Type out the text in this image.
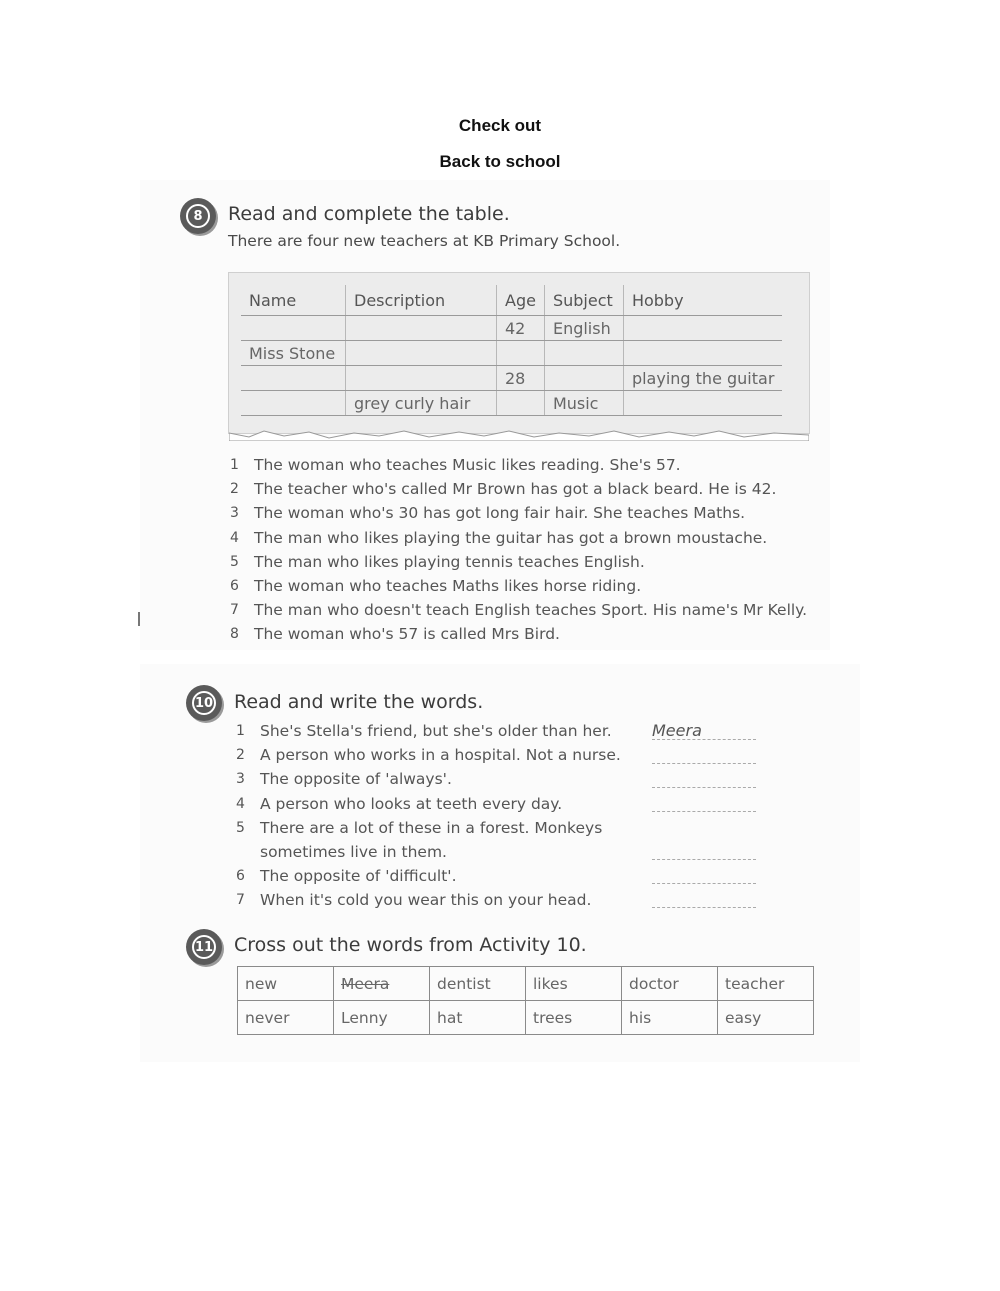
Check out
Back to school
8	Read and complete the table.
There are four new teachers at KB Primary School.
Name	Description	Age	Subject	Hobby
		42	English	
Miss Stone				
		28		playing the guitar
	grey curly hair		Music	
1 The woman who teaches Music likes reading. She's 57.
2 The teacher who's called Mr Brown has got a black beard. He is 42.
3 The woman who's 30 has got long fair hair. She teaches Maths.
4 The man who likes playing the guitar has got a brown moustache.
5 The man who likes playing tennis teaches English.
6 The woman who teaches Maths likes horse riding.
7 The man who doesn't teach English teaches Sport. His name's Mr Kelly.
8 The woman who's 57 is called Mrs Bird.
10 Read and write the words.
1 She's Stella's friend, but she's older than her.
2 A person who works in a hospital. Not a nurse.
3 The opposite of 'always'.
4 A person who looks at teeth every day.
5 There are a lot of these in a forest. Monkeys
sometimes live in them.
6 The opposite of 'difficult'.
7 When it's cold you wear this on your head.
Meera
11 Cross out the words from Activity 10.
new	Meera	dentist	likes	doctor	teacher
never	Lenny	hat	trees	his	easy
